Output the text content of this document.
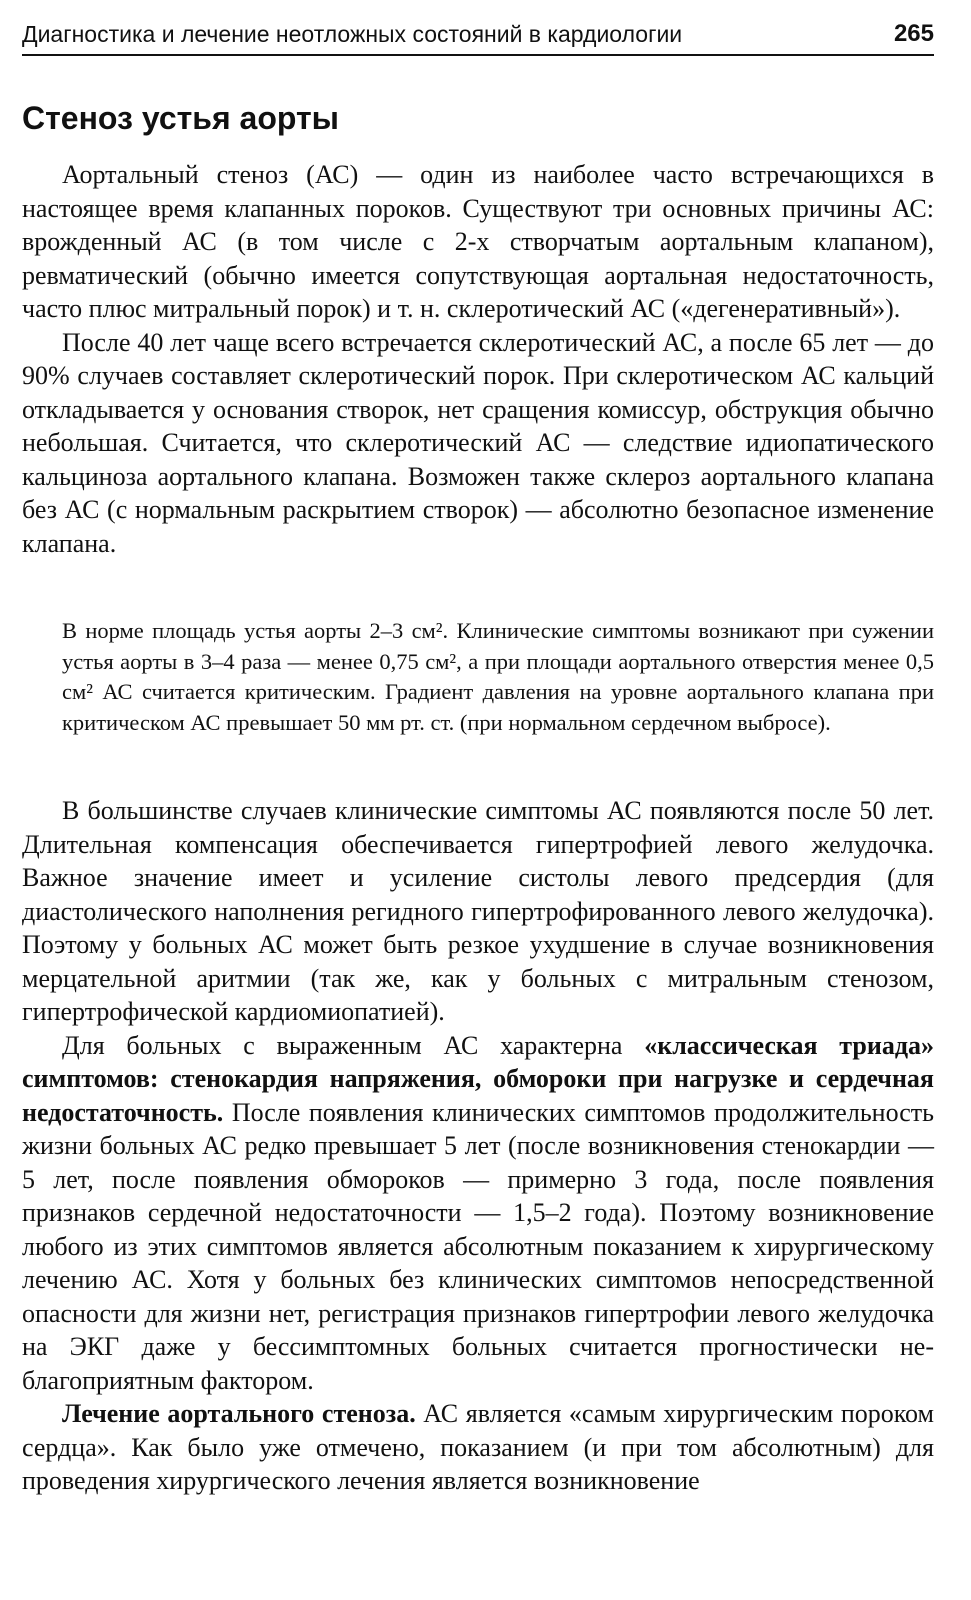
Диагностика и лечение неотложных состояний в кардиологии	265
Стеноз устья аорты

Аортальный стеноз (АС) — один из наиболее часто встречающихся в настоящее время клапанных пороков. Существуют три основных причины АС: врожденный АС (в том числе с 2-х створчатым аортальным клапаном), ревматический (обычно имеется сопутствующая аортальная недостаточность, часто плюс митральный порок) и т. н. склеротический АС («дегенеративный»).

После 40 лет чаще всего встречается склеротический АС, а после 65 лет — до 90% случаев составляет склеротический порок. При склеротическом АС кальций откладывается у основания створок, нет сращения комиссур, обструкция обычно небольшая. Считается, что склеротический АС — следствие идиопатического кальциноза аортального клапана. Возможен также склероз аортального клапана без АС (с нормальным раскрытием створок) — абсолютно безопасное изменение клапана.

В норме площадь устья аорты 2–3 см². Клинические симптомы возникают при сужении устья аорты в 3–4 раза — менее 0,75 см², а при площади аортального отверстия менее 0,5 см² АС считается критическим. Градиент давления на уровне аортального клапана при критическом АС превышает 50 мм рт. ст. (при нормальном сердечном выбросе).

В большинстве случаев клинические симптомы АС появляются после 50 лет. Длительная компенсация обеспечивается гипертрофией левого желудочка. Важное значение имеет и усиление систолы левого предсердия (для диастолического наполнения регидного гипертрофированного левого желудочка). Поэтому у больных АС может быть резкое ухудшение в случае возникновения мерцательной аритмии (так же, как у больных с митральным стенозом, гипертрофической кардиомиопатией).

Для больных с выраженным АС характерна «классическая триада» симптомов: стенокардия напряжения, обмороки при нагрузке и сердечная недостаточность. После появления клинических симптомов продолжительность жизни больных АС редко превышает 5 лет (после возникновения стенокардии — 5 лет, после появления обмороков — примерно 3 года, после появления признаков сердечной недостаточности — 1,5–2 года). Поэтому возникновение любого из этих симптомов является абсолютным показанием к хирургическому лечению АС. Хотя у больных без клинических симптомов непосредственной опасности для жизни нет, регистрация признаков гипертрофии левого желудочка на ЭКГ даже у бессимптомных больных считается прогностически неблагоприятным фактором.

Лечение аортального стеноза. АС является «самым хирургическим пороком сердца». Как было уже отмечено, показанием (и при том абсолютным) для проведения хирургического лечения является возникновение
